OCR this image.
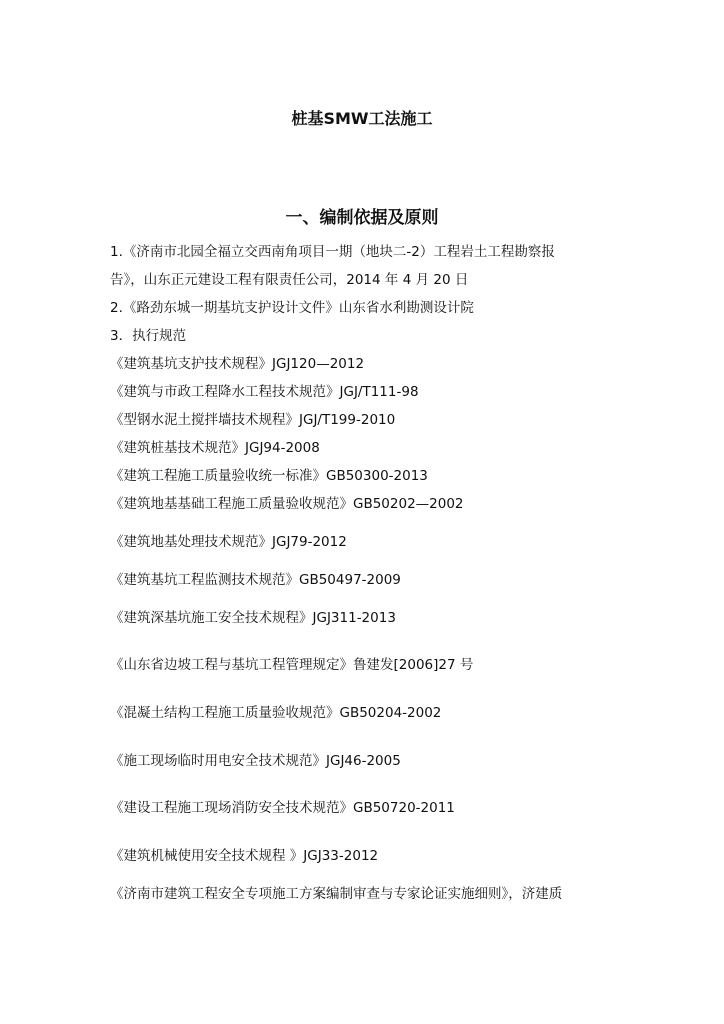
桩基SMW工法施工
一、编制依据及原则
1.《济南市北园全福立交西南角项目一期（地块二-2）工程岩土工程勘察报
告》，山东正元建设工程有限责任公司，2014 年 4 月 20 日
2.《路劲东城一期基坑支护设计文件》山东省水利勘测设计院
3．执行规范
《建筑基坑支护技术规程》JGJ120—2012
《建筑与市政工程降水工程技术规范》JGJ/T111-98
《型钢水泥土搅拌墙技术规程》JGJ/T199-2010
《建筑桩基技术规范》JGJ94-2008
《建筑工程施工质量验收统一标准》GB50300-2013
《建筑地基基础工程施工质量验收规范》GB50202—2002
《建筑地基处理技术规范》JGJ79-2012
《建筑基坑工程监测技术规范》GB50497-2009
《建筑深基坑施工安全技术规程》JGJ311-2013
《山东省边坡工程与基坑工程管理规定》鲁建发[2006]27 号
《混凝土结构工程施工质量验收规范》GB50204-2002
《施工现场临时用电安全技术规范》JGJ46-2005
《建设工程施工现场消防安全技术规范》GB50720-2011
《建筑机械使用安全技术规程 》JGJ33-2012
《济南市建筑工程安全专项施工方案编制审查与专家论证实施细则》，济建质
